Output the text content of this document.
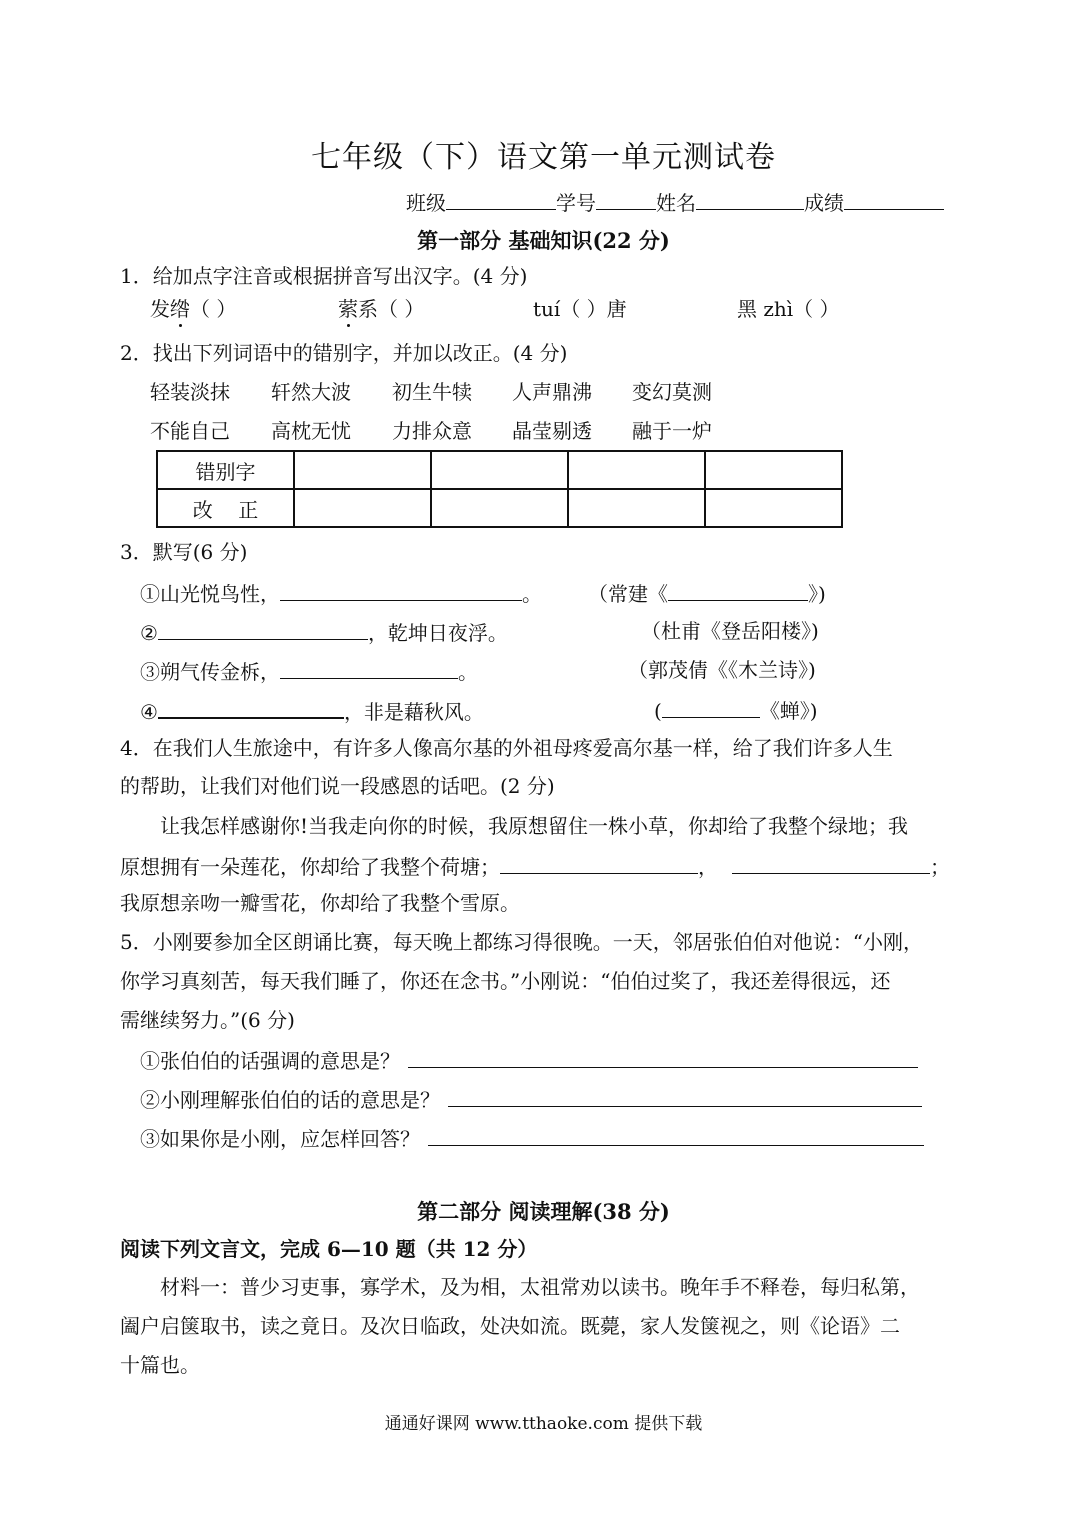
七年级（下）语文第一单元测试卷
班级	学号	姓名	成绩
第一部分 基础知识(22 分)
1．给加点字注音或根据拼音写出汉字。(4 分)
发绺（ ）	萦系（ ）	tuí（ ）唐	黑 zhì（ ）
2．找出下列词语中的错别字，并加以改正。(4 分)
轻装淡抹 轩然大波 初生牛犊 人声鼎沸 变幻莫测
不能自己 高枕无忧 力排众意 晶莹剔透 融于一炉
错别字				
改    正				
3．默写(6 分)
①山光悦鸟性，	。 （常建《	》)
②	，乾坤日夜浮。	（杜甫《登岳阳楼》)
③朔气传金柝，	。	（郭茂倩《《木兰诗》)
④	，非是藉秋风。	(	《蝉》)
4．在我们人生旅途中，有许多人像高尔基的外祖母疼爱高尔基一样，给了我们许多人生
的帮助，让我们对他们说一段感恩的话吧。(2 分)
让我怎样感谢你!当我走向你的时候，我原想留住一株小草，你却给了我整个绿地；我
原想拥有一朵莲花，你却给了我整个荷塘；	，	；
我原想亲吻一瓣雪花，你却给了我整个雪原。
5．小刚要参加全区朗诵比赛，每天晚上都练习得很晚。一天，邻居张伯伯对他说：“小刚，
你学习真刻苦，每天我们睡了，你还在念书。”小刚说：“伯伯过奖了，我还差得很远，还
需继续努力。”(6 分)
①张伯伯的话强调的意思是？
②小刚理解张伯伯的话的意思是？
③如果你是小刚，应怎样回答？
第二部分 阅读理解(38 分)
阅读下列文言文，完成 6—10 题（共 12 分）
材料一：普少习吏事，寡学术，及为相，太祖常劝以读书。晚年手不释卷，每归私第，
阖户启箧取书，读之竟日。及次日临政，处决如流。既薨，家人发箧视之，则《论语》二
十篇也。
通通好课网 www.tthaoke.com 提供下载
